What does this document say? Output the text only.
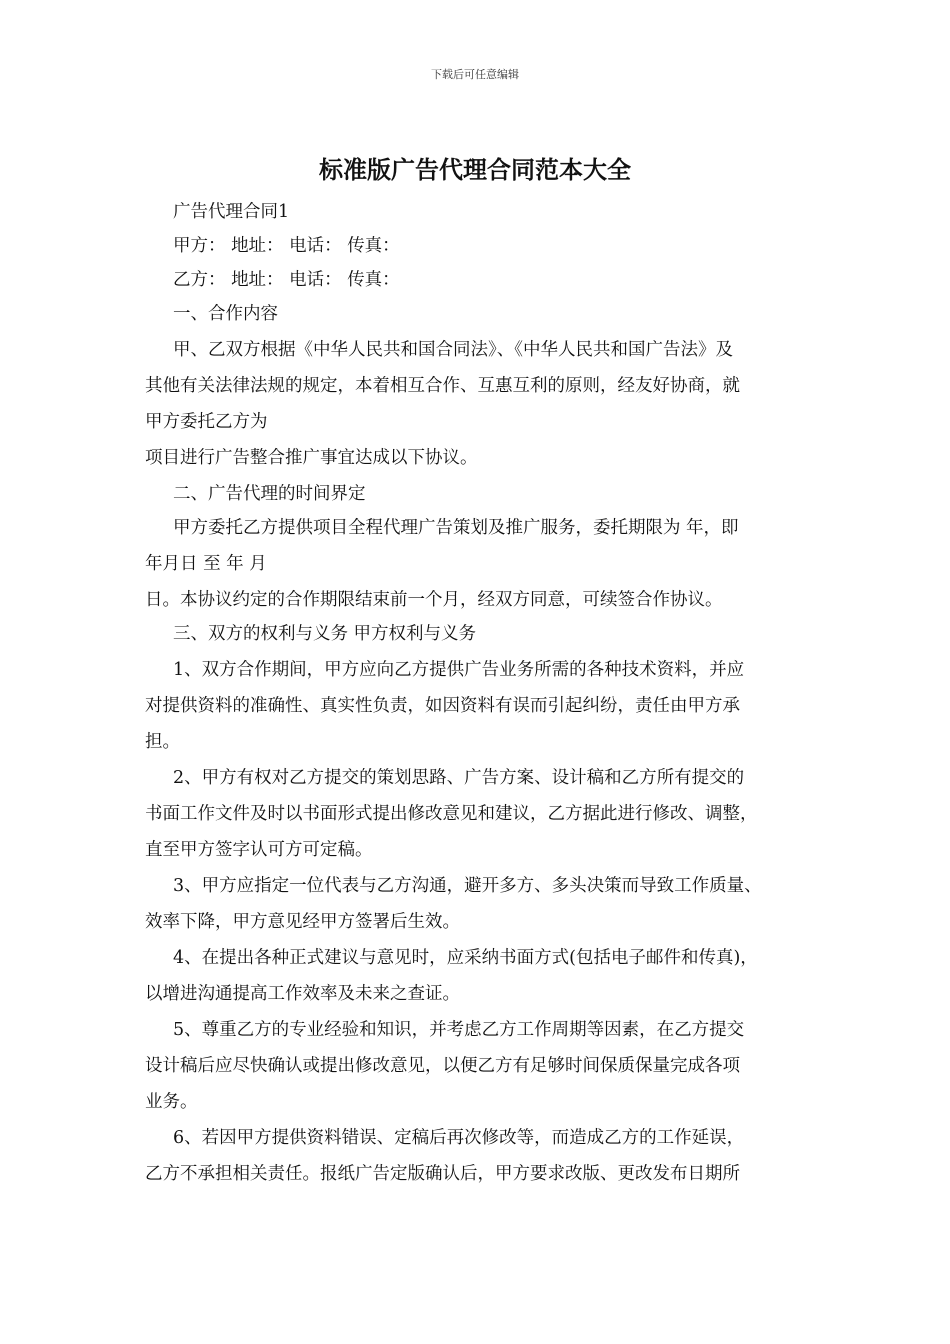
下载后可任意编辑
标准版广告代理合同范本大全
广告代理合同1
甲方： 地址： 电话： 传真：
乙方： 地址： 电话： 传真：
一、合作内容
甲、乙双方根据《中华人民共和国合同法》、《中华人民共和国广告法》及
其他有关法律法规的规定，本着相互合作、互惠互利的原则，经友好协商，就
甲方委托乙方为
项目进行广告整合推广事宜达成以下协议。
二、广告代理的时间界定
甲方委托乙方提供项目全程代理广告策划及推广服务，委托期限为 年，即
年月日 至 年 月
日。本协议约定的合作期限结束前一个月，经双方同意，可续签合作协议。
三、双方的权利与义务 甲方权利与义务
1、双方合作期间，甲方应向乙方提供广告业务所需的各种技术资料，并应
对提供资料的准确性、真实性负责，如因资料有误而引起纠纷，责任由甲方承
担。
2、甲方有权对乙方提交的策划思路、广告方案、设计稿和乙方所有提交的
书面工作文件及时以书面形式提出修改意见和建议，乙方据此进行修改、调整，
直至甲方签字认可方可定稿。
3、甲方应指定一位代表与乙方沟通，避开多方、多头决策而导致工作质量、
效率下降，甲方意见经甲方签署后生效。
4、在提出各种正式建议与意见时，应采纳书面方式(包括电子邮件和传真)，
以增进沟通提高工作效率及未来之查证。
5、尊重乙方的专业经验和知识，并考虑乙方工作周期等因素，在乙方提交
设计稿后应尽快确认或提出修改意见，以便乙方有足够时间保质保量完成各项
业务。
6、若因甲方提供资料错误、定稿后再次修改等，而造成乙方的工作延误，
乙方不承担相关责任。报纸广告定版确认后，甲方要求改版、更改发布日期所
